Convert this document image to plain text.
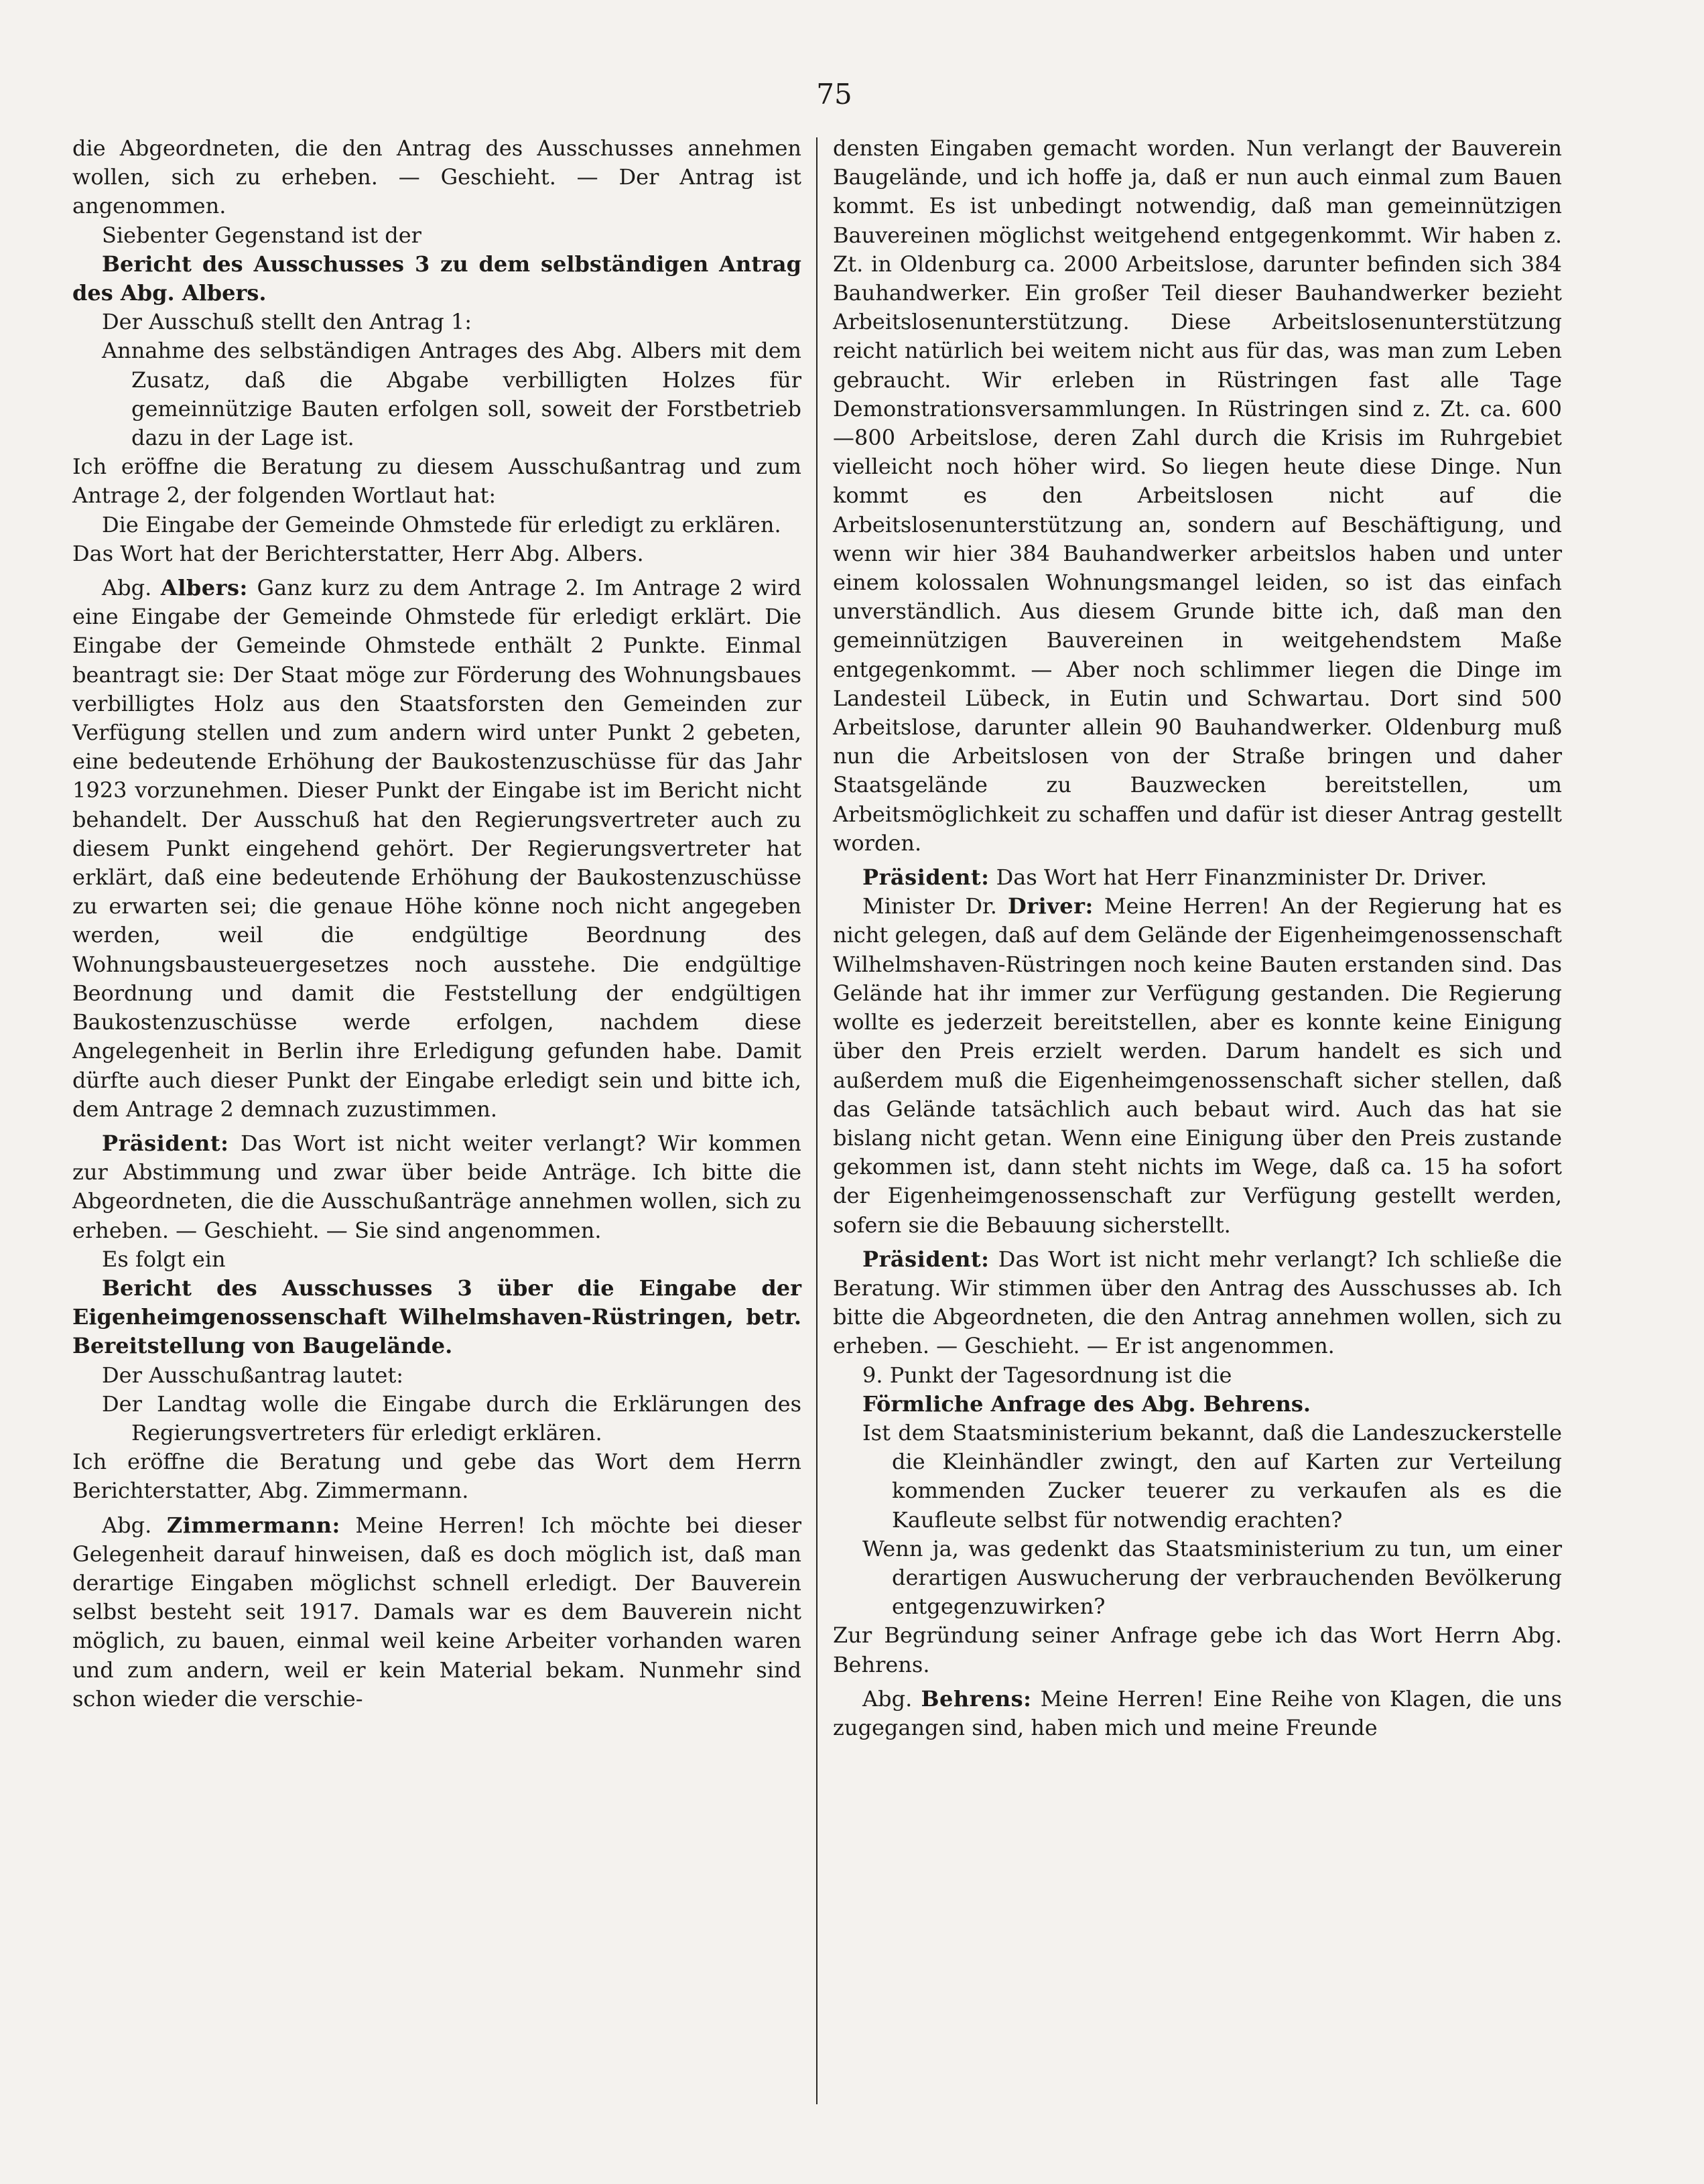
75

die Abgeordneten, die den Antrag des Ausschusses annehmen wollen, sich zu erheben. — Geschieht. — Der Antrag ist angenommen.

Siebenter Gegenstand ist der

Bericht des Ausschusses 3 zu dem selbständigen Antrag des Abg. Albers.

Der Ausschuß stellt den Antrag 1:

Annahme des selbständigen Antrages des Abg. Albers mit dem Zusatz, daß die Abgabe verbilligten Holzes für gemeinnützige Bauten erfolgen soll, soweit der Forstbetrieb dazu in der Lage ist.

Ich eröffne die Beratung zu diesem Ausschußantrag und zum Antrage 2, der folgenden Wortlaut hat:

Die Eingabe der Gemeinde Ohmstede für erledigt zu erklären.

Das Wort hat der Berichterstatter, Herr Abg. Albers.

Abg. Albers: Ganz kurz zu dem Antrage 2. Im Antrage 2 wird eine Eingabe der Gemeinde Ohmstede für erledigt erklärt. Die Eingabe der Gemeinde Ohmstede enthält 2 Punkte. Einmal beantragt sie: Der Staat möge zur Förderung des Wohnungsbaues verbilligtes Holz aus den Staatsforsten den Gemeinden zur Verfügung stellen und zum andern wird unter Punkt 2 gebeten, eine bedeutende Erhöhung der Baukostenzuschüsse für das Jahr 1923 vorzunehmen. Dieser Punkt der Eingabe ist im Bericht nicht behandelt. Der Ausschuß hat den Regierungsvertreter auch zu diesem Punkt eingehend gehört. Der Regierungsvertreter hat erklärt, daß eine bedeutende Erhöhung der Baukostenzuschüsse zu erwarten sei; die genaue Höhe könne noch nicht angegeben werden, weil die endgültige Beordnung des Wohnungsbausteuergesetzes noch ausstehe. Die endgültige Beordnung und damit die Feststellung der endgültigen Baukostenzuschüsse werde erfolgen, nachdem diese Angelegenheit in Berlin ihre Erledigung gefunden habe. Damit dürfte auch dieser Punkt der Eingabe erledigt sein und bitte ich, dem Antrage 2 demnach zuzustimmen.

Präsident: Das Wort ist nicht weiter verlangt? Wir kommen zur Abstimmung und zwar über beide Anträge. Ich bitte die Abgeordneten, die die Ausschußanträge annehmen wollen, sich zu erheben. — Geschieht. — Sie sind angenommen.

Es folgt ein

Bericht des Ausschusses 3 über die Eingabe der Eigenheimgenossenschaft Wilhelmshaven-Rüstringen, betr. Bereitstellung von Baugelände.

Der Ausschußantrag lautet:

Der Landtag wolle die Eingabe durch die Erklärungen des Regierungsvertreters für erledigt erklären.

Ich eröffne die Beratung und gebe das Wort dem Herrn Berichterstatter, Abg. Zimmermann.

Abg. Zimmermann: Meine Herren! Ich möchte bei dieser Gelegenheit darauf hinweisen, daß es doch möglich ist, daß man derartige Eingaben möglichst schnell erledigt. Der Bauverein selbst besteht seit 1917. Damals war es dem Bauverein nicht möglich, zu bauen, einmal weil keine Arbeiter vorhanden waren und zum andern, weil er kein Material bekam. Nunmehr sind schon wieder die verschie-

densten Eingaben gemacht worden. Nun verlangt der Bauverein Baugelände, und ich hoffe ja, daß er nun auch einmal zum Bauen kommt. Es ist unbedingt notwendig, daß man gemeinnützigen Bauvereinen möglichst weitgehend entgegenkommt. Wir haben z. Zt. in Oldenburg ca. 2000 Arbeitslose, darunter befinden sich 384 Bauhandwerker. Ein großer Teil dieser Bauhandwerker bezieht Arbeitslosenunterstützung. Diese Arbeitslosenunterstützung reicht natürlich bei weitem nicht aus für das, was man zum Leben gebraucht. Wir erleben in Rüstringen fast alle Tage Demonstrationsversammlungen. In Rüstringen sind z. Zt. ca. 600—800 Arbeitslose, deren Zahl durch die Krisis im Ruhrgebiet vielleicht noch höher wird. So liegen heute diese Dinge. Nun kommt es den Arbeitslosen nicht auf die Arbeitslosenunterstützung an, sondern auf Beschäftigung, und wenn wir hier 384 Bauhandwerker arbeitslos haben und unter einem kolossalen Wohnungsmangel leiden, so ist das einfach unverständlich. Aus diesem Grunde bitte ich, daß man den gemeinnützigen Bauvereinen in weitgehendstem Maße entgegenkommt. — Aber noch schlimmer liegen die Dinge im Landesteil Lübeck, in Eutin und Schwartau. Dort sind 500 Arbeitslose, darunter allein 90 Bauhandwerker. Oldenburg muß nun die Arbeitslosen von der Straße bringen und daher Staatsgelände zu Bauzwecken bereitstellen, um Arbeitsmöglichkeit zu schaffen und dafür ist dieser Antrag gestellt worden.

Präsident: Das Wort hat Herr Finanzminister Dr. Driver.

Minister Dr. Driver: Meine Herren! An der Regierung hat es nicht gelegen, daß auf dem Gelände der Eigenheimgenossenschaft Wilhelmshaven-Rüstringen noch keine Bauten erstanden sind. Das Gelände hat ihr immer zur Verfügung gestanden. Die Regierung wollte es jederzeit bereitstellen, aber es konnte keine Einigung über den Preis erzielt werden. Darum handelt es sich und außerdem muß die Eigenheimgenossenschaft sicher stellen, daß das Gelände tatsächlich auch bebaut wird. Auch das hat sie bislang nicht getan. Wenn eine Einigung über den Preis zustande gekommen ist, dann steht nichts im Wege, daß ca. 15 ha sofort der Eigenheimgenossenschaft zur Verfügung gestellt werden, sofern sie die Bebauung sicherstellt.

Präsident: Das Wort ist nicht mehr verlangt? Ich schließe die Beratung. Wir stimmen über den Antrag des Ausschusses ab. Ich bitte die Abgeordneten, die den Antrag annehmen wollen, sich zu erheben. — Geschieht. — Er ist angenommen.

9. Punkt der Tagesordnung ist die

Förmliche Anfrage des Abg. Behrens.

Ist dem Staatsministerium bekannt, daß die Landeszuckerstelle die Kleinhändler zwingt, den auf Karten zur Verteilung kommenden Zucker teuerer zu verkaufen als es die Kaufleute selbst für notwendig erachten?

Wenn ja, was gedenkt das Staatsministerium zu tun, um einer derartigen Auswucherung der verbrauchenden Bevölkerung entgegenzuwirken?

Zur Begründung seiner Anfrage gebe ich das Wort Herrn Abg. Behrens.

Abg. Behrens: Meine Herren! Eine Reihe von Klagen, die uns zugegangen sind, haben mich und meine Freunde
